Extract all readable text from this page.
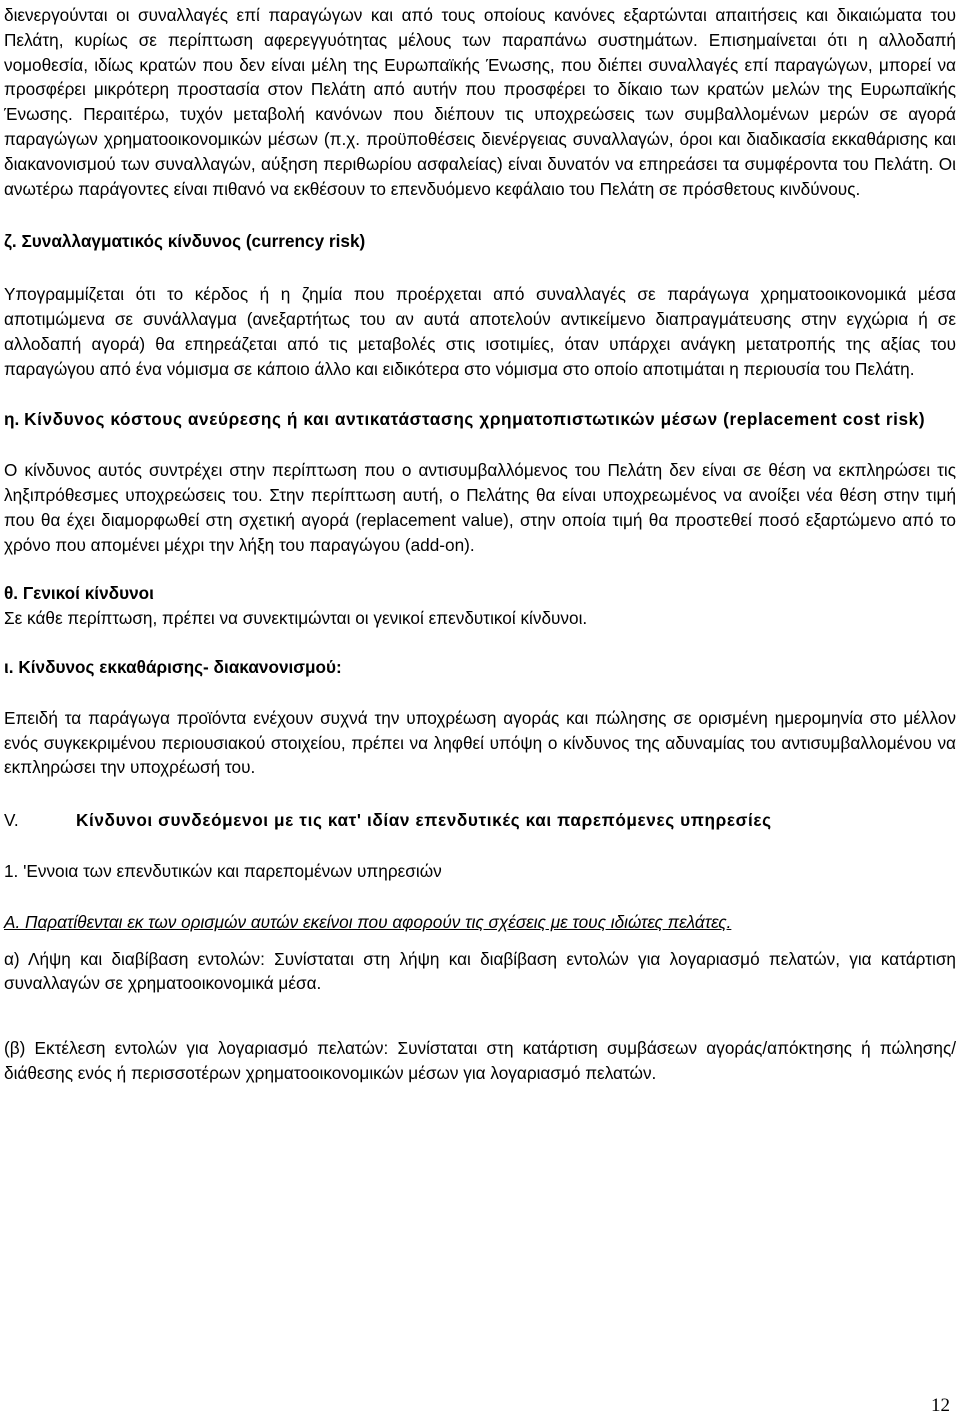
διενεργούνται οι συναλλαγές επί παραγώγων και από τους οποίους κανόνες εξαρτώνται απαιτήσεις και δικαιώματα του Πελάτη, κυρίως σε περίπτωση αφερεγγυότητας μέλους των παραπάνω συστημάτων. Επισημαίνεται ότι η αλλοδαπή νομοθεσία, ιδίως κρατών που δεν είναι μέλη της Ευρωπαϊκής Ένωσης, που διέπει συναλλαγές επί παραγώγων, μπορεί να προσφέρει μικρότερη προστασία στον Πελάτη από αυτήν που προσφέρει το δίκαιο των κρατών μελών της Ευρωπαϊκής Ένωσης. Περαιτέρω, τυχόν μεταβολή κανόνων που διέπουν τις υποχρεώσεις των συμβαλλομένων μερών σε αγορά παραγώγων χρηματοοικονομικών μέσων (π.χ. προϋποθέσεις διενέργειας συναλλαγών, όροι και διαδικασία εκκαθάρισης και διακανονισμού των συναλλαγών, αύξηση περιθωρίου ασφαλείας) είναι δυνατόν να επηρεάσει τα συμφέροντα του Πελάτη. Οι ανωτέρω παράγοντες είναι πιθανό να εκθέσουν το επενδυόμενο κεφάλαιο του Πελάτη σε πρόσθετους κινδύνους.

ζ. Συναλλαγματικός κίνδυνος (currency risk)

Υπογραμμίζεται ότι το κέρδος ή η ζημία που προέρχεται από συναλλαγές σε παράγωγα χρηματοοικονομικά μέσα αποτιμώμενα σε συνάλλαγμα (ανεξαρτήτως του αν αυτά αποτελούν αντικείμενο διαπραγμάτευσης στην εγχώρια ή σε αλλοδαπή αγορά) θα επηρεάζεται από τις μεταβολές στις ισοτιμίες, όταν υπάρχει ανάγκη μετατροπής της αξίας του παραγώγου από ένα νόμισμα σε κάποιο άλλο και ειδικότερα στο νόμισμα στο οποίο αποτιμάται η περιουσία του Πελάτη.

η. Κίνδυνος κόστους ανεύρεσης ή και αντικατάστασης χρηματοπιστωτικών μέσων (replacement cost risk)

Ο κίνδυνος αυτός συντρέχει στην περίπτωση που ο αντισυμβαλλόμενος του Πελάτη δεν είναι σε θέση να εκπληρώσει τις ληξιπρόθεσμες υποχρεώσεις του. Στην περίπτωση αυτή, ο Πελάτης θα είναι υποχρεωμένος να ανοίξει νέα θέση στην τιμή που θα έχει διαμορφωθεί στη σχετική αγορά (replacement value), στην οποία τιμή θα προστεθεί ποσό εξαρτώμενο από το χρόνο που απομένει μέχρι την λήξη του παραγώγου (add-on).

θ. Γενικοί κίνδυνοι

Σε κάθε περίπτωση, πρέπει να συνεκτιμώνται οι γενικοί επενδυτικοί κίνδυνοι.

ι. Κίνδυνος εκκαθάρισης- διακανονισμού:

Επειδή τα παράγωγα προϊόντα ενέχουν συχνά την υποχρέωση αγοράς και πώλησης σε ορισμένη ημερομηνία στο μέλλον ενός συγκεκριμένου περιουσιακού στοιχείου, πρέπει να ληφθεί υπόψη ο κίνδυνος της αδυναμίας του αντισυμβαλλομένου να εκπληρώσει την υποχρέωσή του.

V.	Κίνδυνοι συνδεόμενοι με τις κατ' ιδίαν επενδυτικές και παρεπόμενες υπηρεσίες

1. 'Εννοια των επενδυτικών και παρεπομένων υπηρεσιών

Α. Παρατίθενται εκ των ορισμών αυτών εκείνοι που αφορούν τις σχέσεις με τους ιδιώτες πελάτες.

α) Λήψη και διαβίβαση εντολών: Συνίσταται στη λήψη και διαβίβαση εντολών για λογαριασμό πελατών, για κατάρτιση συναλλαγών σε χρηματοοικονομικά μέσα.

(β) Εκτέλεση εντολών για λογαριασμό πελατών: Συνίσταται στη κατάρτιση συμβάσεων αγοράς/απόκτησης ή πώλησης/διάθεσης ενός ή περισσοτέρων χρηματοοικονομικών μέσων για λογαριασμό πελατών.

12
